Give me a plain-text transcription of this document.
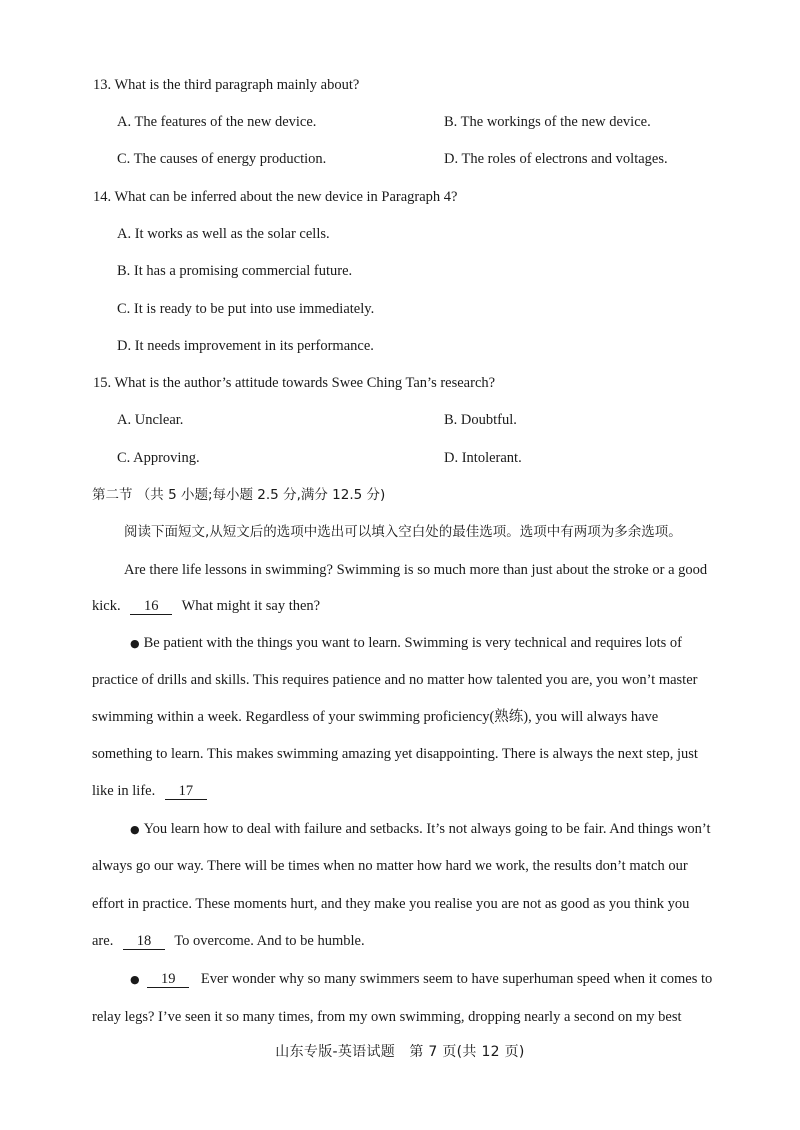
13. What is the third paragraph mainly about?
A. The features of the new device.	B. The workings of the new device.
C. The causes of energy production.	D. The roles of electrons and voltages.
14. What can be inferred about the new device in Paragraph 4?
A. It works as well as the solar cells.
B. It has a promising commercial future.
C. It is ready to be put into use immediately.
D. It needs improvement in its performance.
15. What is the author’s attitude towards Swee Ching Tan’s research?
A. Unclear.	B. Doubtful.
C. Approving.	D. Intolerant.
第二节 （共 5 小题;每小题 2.5 分,满分 12.5 分)
阅读下面短文,从短文后的选项中选出可以填入空白处的最佳选项。选项中有两项为多余选项。
Are there life lessons in swimming? Swimming is so much more than just about the stroke or a good
kick. 16 What might it say then?
● Be patient with the things you want to learn. Swimming is very technical and requires lots of
practice of drills and skills. This requires patience and no matter how talented you are, you won’t master
swimming within a week. Regardless of your swimming proficiency(熟练), you will always have
something to learn. This makes swimming amazing yet disappointing. There is always the next step, just
like in life. 17
● You learn how to deal with failure and setbacks. It’s not always going to be fair. And things won’t
always go our way. There will be times when no matter how hard we work, the results don’t match our
effort in practice. These moments hurt, and they make you realise you are not as good as you think you
are. 18 To overcome. And to be humble.
● 19 Ever wonder why so many swimmers seem to have superhuman speed when it comes to
relay legs? I’ve seen it so many times, from my own swimming, dropping nearly a second on my best
山东专版-英语试题　第 7 页(共 12 页)
